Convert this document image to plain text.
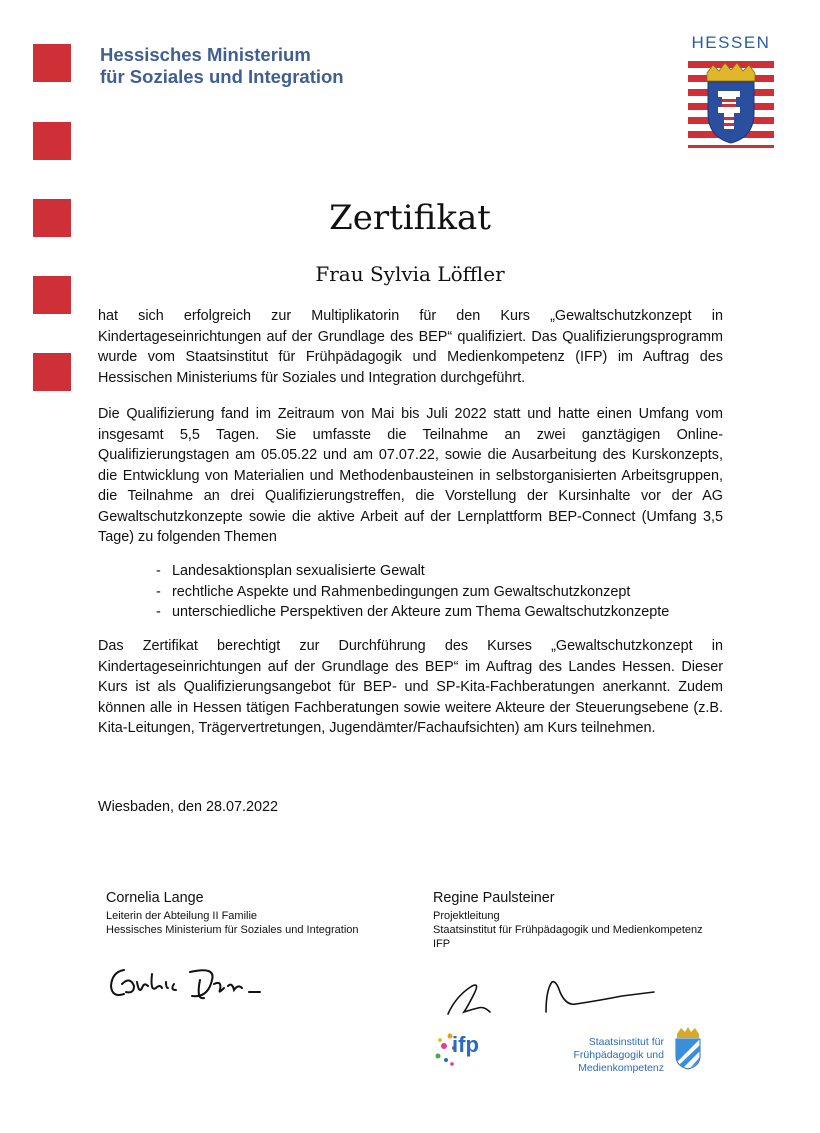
Hessisches Ministerium
für Soziales und Integration
HESSEN
Zertifikat
Frau Sylvia Löffler

hat sich erfolgreich zur Multiplikatorin für den Kurs „Gewaltschutzkonzept in Kindertageseinrichtungen auf der Grundlage des BEP“ qualifiziert. Das Qualifizierungsprogramm wurde vom Staatsinstitut für Frühpädagogik und Medienkompetenz (IFP) im Auftrag des Hessischen Ministeriums für Soziales und Integration durchgeführt.

Die Qualifizierung fand im Zeitraum von Mai bis Juli 2022 statt und hatte einen Umfang vom insgesamt 5,5 Tagen. Sie umfasste die Teilnahme an zwei ganztägigen Online-Qualifizierungstagen am 05.05.22 und am 07.07.22, sowie die Ausarbeitung des Kurskonzepts, die Entwicklung von Materialien und Methodenbausteinen in selbstorganisierten Arbeitsgruppen, die Teilnahme an drei Qualifizierungstreffen, die Vorstellung der Kursinhalte vor der AG Gewaltschutzkonzepte sowie die aktive Arbeit auf der Lernplattform BEP-Connect (Umfang 3,5 Tage) zu folgenden Themen

- Landesaktionsplan sexualisierte Gewalt
- rechtliche Aspekte und Rahmenbedingungen zum Gewaltschutzkonzept
- unterschiedliche Perspektiven der Akteure zum Thema Gewaltschutzkonzepte

Das Zertifikat berechtigt zur Durchführung des Kurses „Gewaltschutzkonzept in Kindertageseinrichtungen auf der Grundlage des BEP“ im Auftrag des Landes Hessen. Dieser Kurs ist als Qualifizierungsangebot für BEP- und SP-Kita-Fachberatungen anerkannt. Zudem können alle in Hessen tätigen Fachberatungen sowie weitere Akteure der Steuerungsebene (z.B. Kita-Leitungen, Trägervertretungen, Jugendämter/Fachaufsichten) am Kurs teilnehmen.

Wiesbaden, den 28.07.2022
Cornelia Lange
Leiterin der Abteilung II Familie
Hessisches Ministerium für Soziales und Integration
Regine Paulsteiner
Projektleitung
Staatsinstitut für Frühpädagogik und Medienkompetenz
IFP
ifp	Staatsinstitut für
Frühpädagogik und Medienkompetenz
